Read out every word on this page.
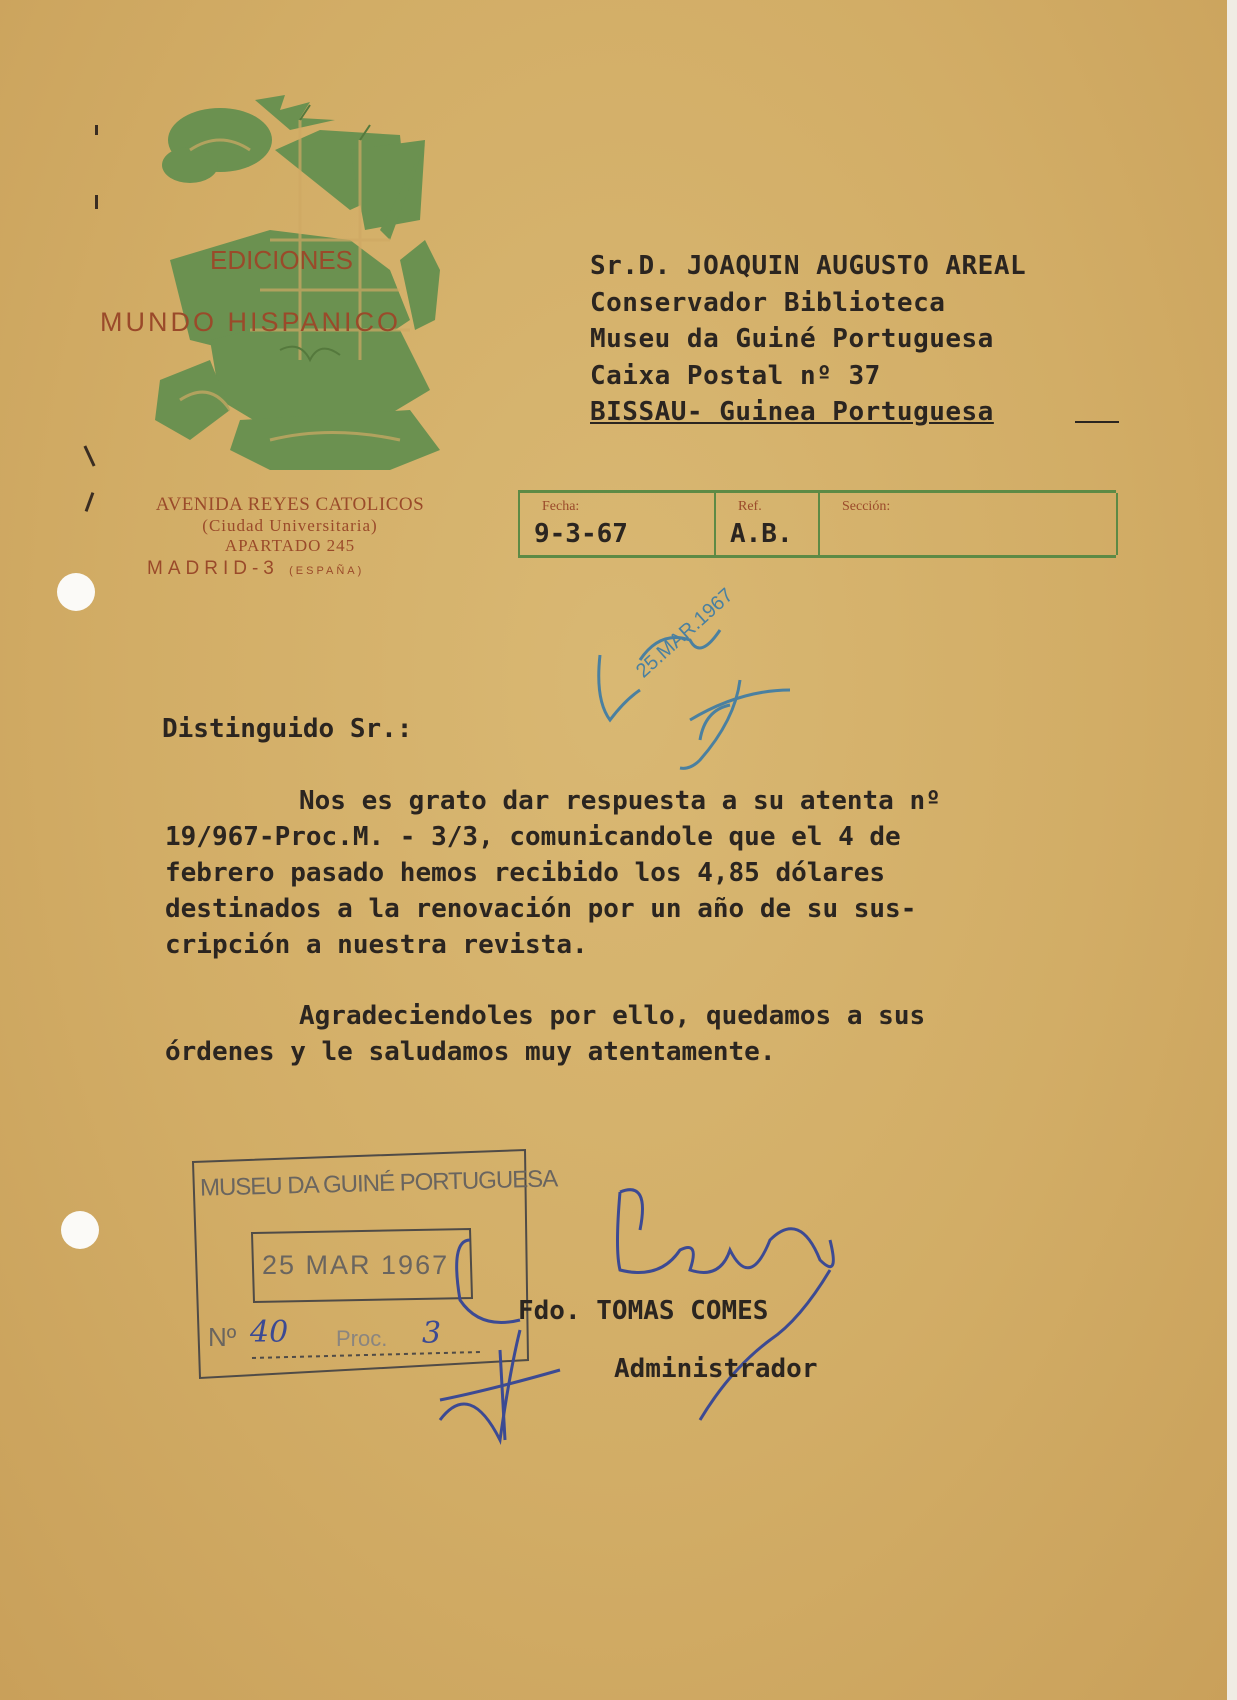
EDICIONES
MUNDO HISPANICO
AVENIDA REYES CATOLICOS
(Ciudad Universitaria)
APARTADO 245
MADRID-3 (ESPAÑA)
Sr.D. JOAQUIN AUGUSTO AREAL
Conservador Biblioteca
Museu da Guiné Portuguesa
Caixa Postal nº 37
BISSAU- Guinea Portuguesa
Fecha:
9-3-67
Ref.
A.B.
Sección:
25.MAR.1967
Distinguido Sr.:
Nos es grato dar respuesta a su atenta nº
19/967-Proc.M. - 3/3, comunicandole que el 4 de
febrero pasado hemos recibido los 4,85 dólares
destinados a la renovación por un año de su sus-
cripción a nuestra revista.
Agradeciendoles por ello, quedamos a sus
órdenes y le saludamos muy atentamente.
MUSEU DA GUINÉ PORTUGUESA
25 MAR 1967
Nº 40 Proc. 3
Fdo. TOMAS COMES
Administrador
